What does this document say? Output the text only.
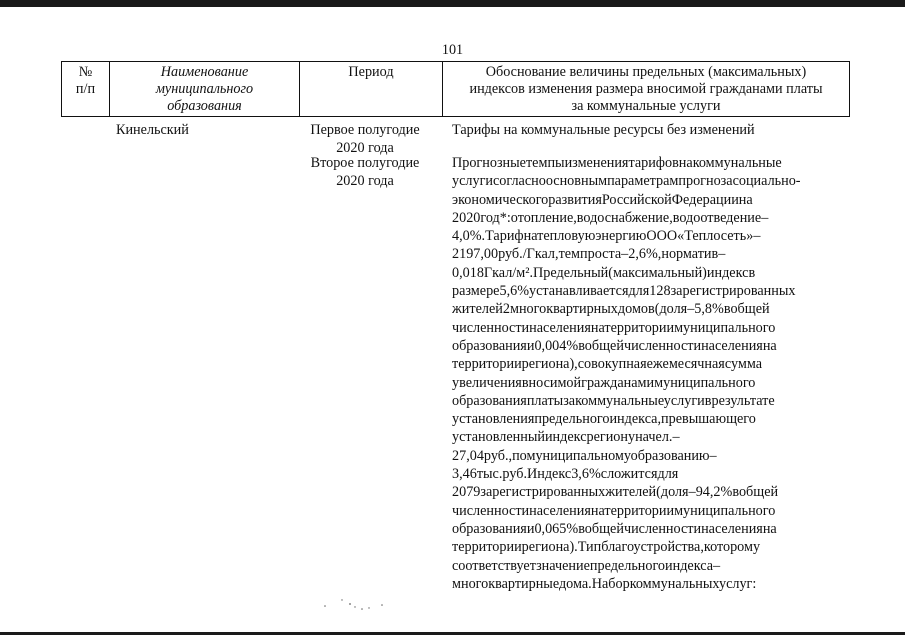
101
№
п/п
Наименование
муниципального
образования
Период	Обоснование величины предельных (максимальных)
индексов изменения размера вносимой гражданами платы
за коммунальные услуги
Кинельский	Первое полугодие
2020 года
Второе полугодие
2020 года
Тарифы на коммунальные ресурсы без изменений
Прогнозныетемпыизменениятарифовнакоммунальные
услугисогласноосновнымпараметрампрогнозасоциально-
экономическогоразвитияРоссийскойФедерациина
2020год*:отопление,водоснабжение,водоотведение–
4,0%.ТарифнатепловуюэнергиюООО«Теплосеть»–
2197,00руб./Гкал,темпроста–2,6%,норматив–
0,018Гкал/м².Предельный(максимальный)индексв
размере5,6%устанавливаетсядля128зарегистрированных
жителей2многоквартирныхдомов(доля–5,8%вобщей
численностинаселениянатерриториимуниципального
образованияи0,004%вобщейчисленностинаселенияна
территориирегиона),совокупнаяежемесячнаясумма
увеличениявносимойгражданамимуниципального
образованияплатызакоммунальныеуслугиврезультате
установленияпредельногоиндекса,превышающего
установленныйиндексрегионуначел.–
27,04руб.,помуниципальномуобразованию–
3,46тыс.руб.Индекс3,6%сложитсядля
2079зарегистрированныхжителей(доля–94,2%вобщей
численностинаселениянатерриториимуниципального
образованияи0,065%вобщейчисленностинаселенияна
территориирегиона).Типблагоустройства,которому
соответствуетзначениепредельногоиндекса–
многоквартирныедома.Наборкоммунальныхуслуг:
